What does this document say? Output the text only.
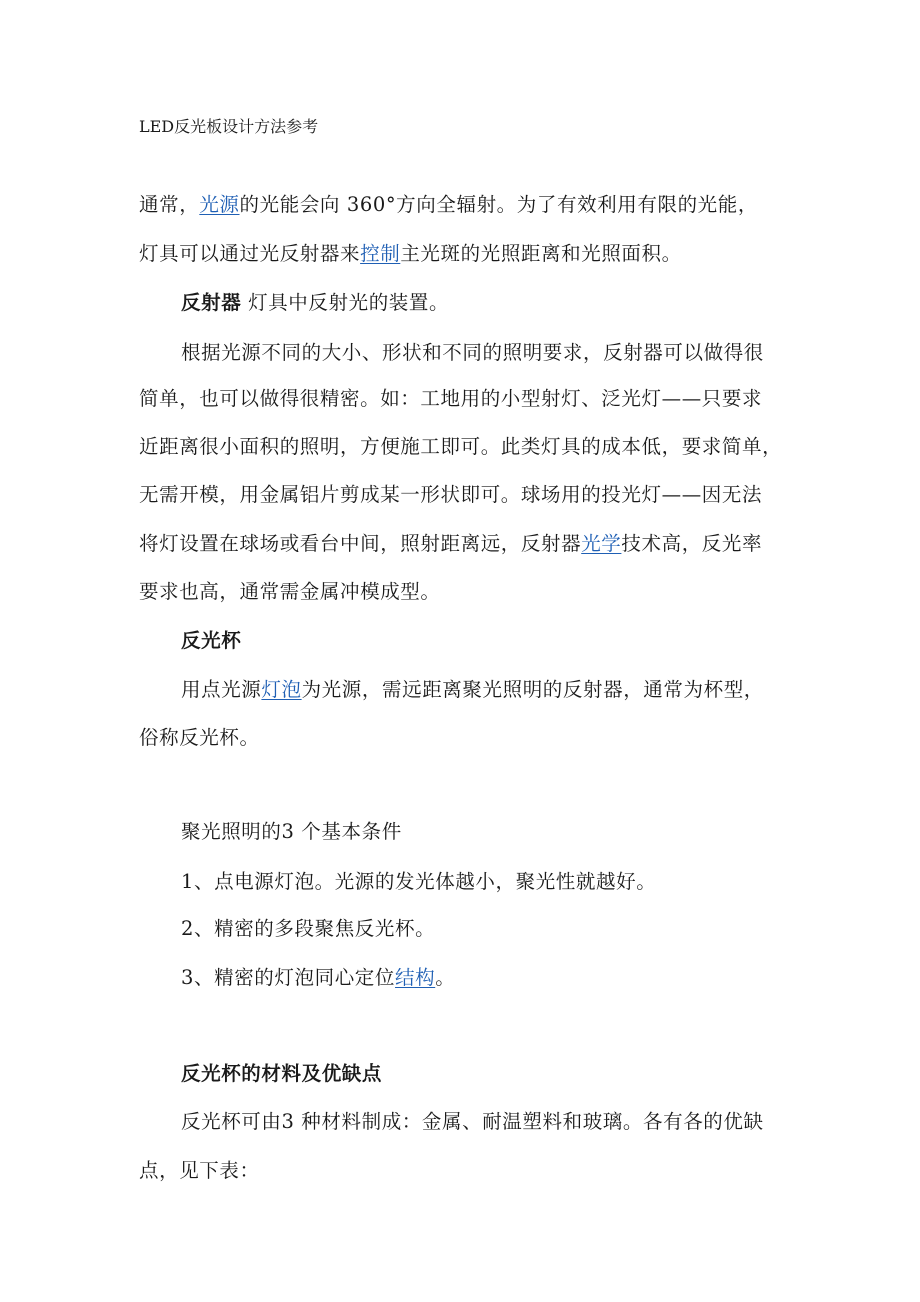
LED反光板设计方法参考
通常，光源的光能会向 360°方向全辐射。为了有效利用有限的光能，
灯具可以通过光反射器来控制主光斑的光照距离和光照面积。
反射器 灯具中反射光的装置。
根据光源不同的大小、形状和不同的照明要求，反射器可以做得很
简单，也可以做得很精密。如：工地用的小型射灯、泛光灯——只要求
近距离很小面积的照明，方便施工即可。此类灯具的成本低，要求简单，
无需开模，用金属铝片剪成某一形状即可。球场用的投光灯——因无法
将灯设置在球场或看台中间，照射距离远，反射器光学技术高，反光率
要求也高，通常需金属冲模成型。
反光杯
用点光源灯泡为光源，需远距离聚光照明的反射器，通常为杯型，
俗称反光杯。
聚光照明的3 个基本条件
1、点电源灯泡。光源的发光体越小，聚光性就越好。
2、精密的多段聚焦反光杯。
3、精密的灯泡同心定位结构。
反光杯的材料及优缺点
反光杯可由3 种材料制成：金属、耐温塑料和玻璃。各有各的优缺
点，见下表：
